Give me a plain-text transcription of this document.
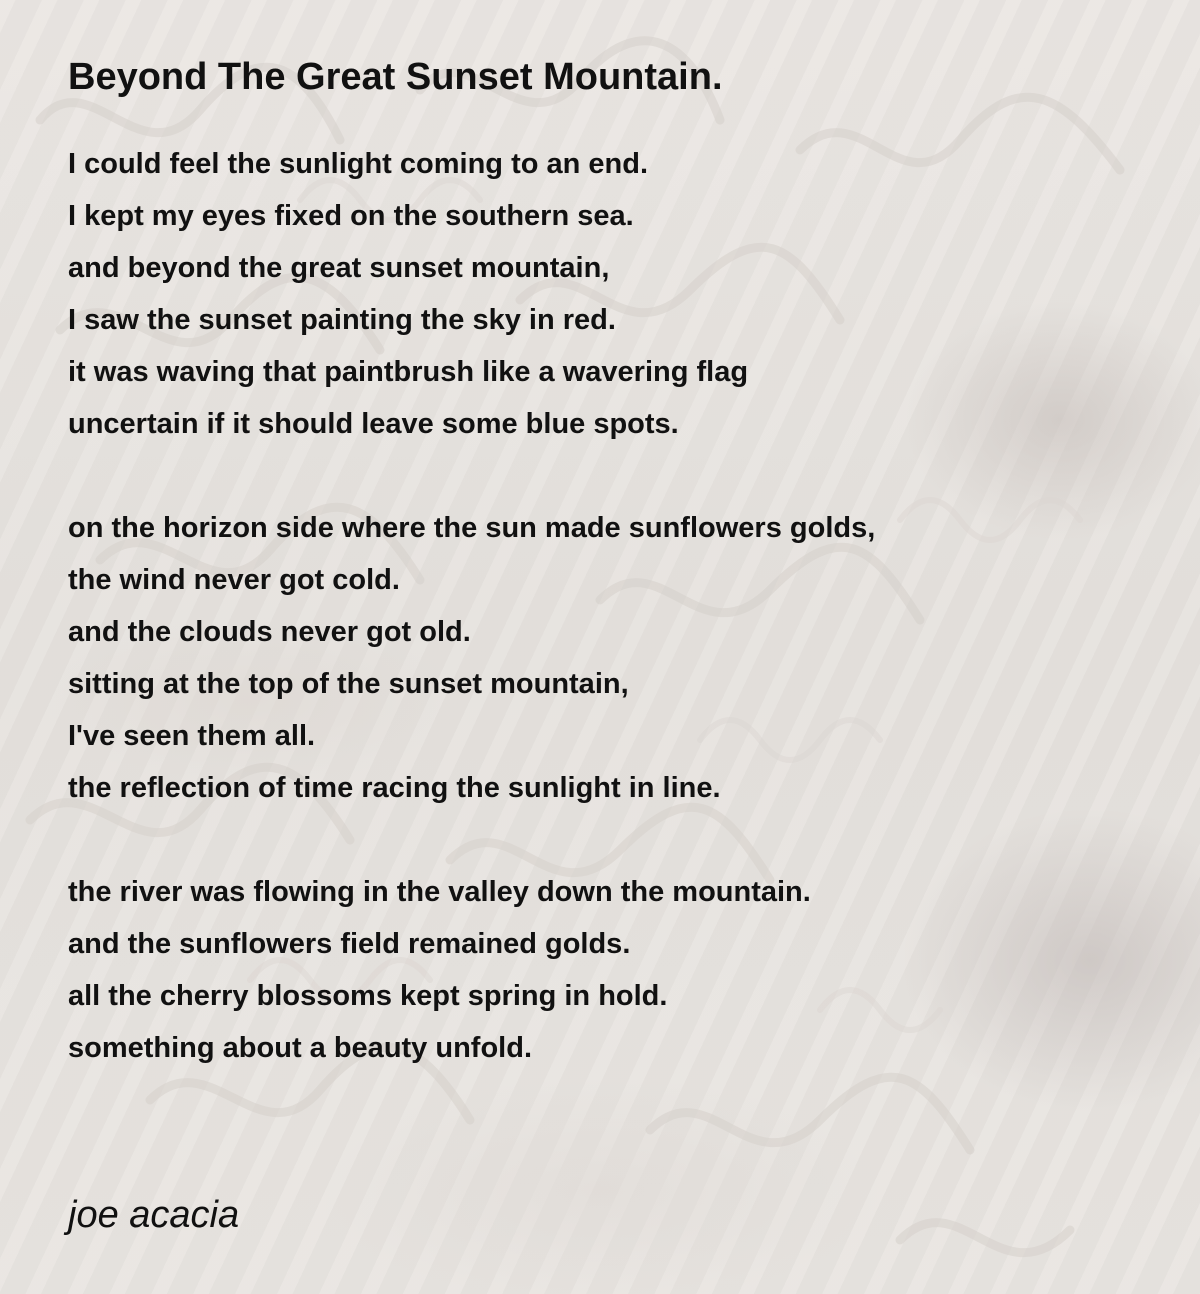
Beyond The Great Sunset Mountain.
I could feel the sunlight coming to an end.
I kept my eyes fixed on the southern sea.
and beyond the great sunset mountain,
I saw the sunset painting the sky in red.
it was waving that paintbrush like a wavering flag
uncertain if it should leave some blue spots.
on the horizon side where the sun made sunflowers golds,
the wind never got cold.
and the clouds never got old.
sitting at the top of the sunset mountain,
I've seen them all.
the reflection of time racing the sunlight in line.
the river was flowing in the valley down the mountain.
and the sunflowers field remained golds.
all the cherry blossoms kept spring in hold.
something about a beauty unfold.

joe acacia
